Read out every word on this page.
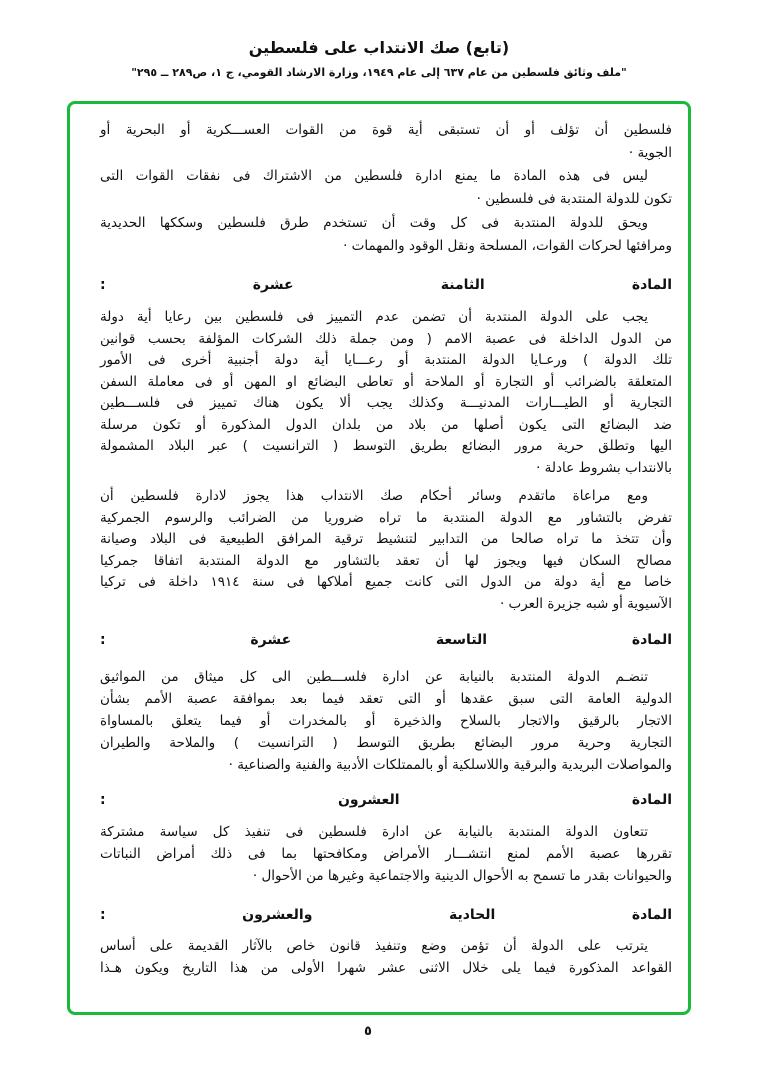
(تابع) صك الانتداب على فلسطين
"ملف وثائق فلسطين من عام ٦٣٧ إلى عام ١٩٤٩، وزارة الارشاد القومي، ج ١، ص٢٨٩ ــ ٢٩٥"
فلسطين أن تؤلف أو أن تستبقى أية قوة من القوات العســـكرية أو البحرية أو
الجوية ·
ليس فى هذه المادة ما يمنع ادارة فلسطين من الاشتراك فى نفقات القوات التى
تكون للدولة المنتدبة فى فلسطين ·
ويحق للدولة المنتدبة فى كل وقت أن تستخدم طرق فلسطين وسككها الحديدية
ومرافئها لحركات القوات، المسلحة ونقل الوقود والمهمات ·
المادة الثامنة عشرة :
يجب على الدولة المنتدبة أن تضمن عدم التمييز فى فلسطين بين رعايا أية دولة
من الدول الداخلة فى عصبة الامم ( ومن جملة ذلك الشركات المؤلفة بحسب قوانين
تلك الدولة ) ورعـايا الدولة المنتدبة أو رعـــايا أية دولة أجنبية أخرى فى الأمور
المتعلقة بالضرائب أو التجارة أو الملاحة أو تعاطى البضائع او المهن أو فى معاملة السفن
التجارية أو الطيـــارات المدنيـــة وكذلك يجب ألا يكون هناك تمييز فى فلســـطين
ضد البضائع التى يكون أصلها من بلاد من بلدان الدول المذكورة أو تكون مرسلة
اليها وتطلق حرية مرور البضائع بطريق التوسط ( الترانسيت ) عبر البلاد المشمولة
بالانتداب بشروط عادلة ·
ومع مراعاة ماتقدم وسائر أحكام صك الانتداب هذا يجوز لادارة فلسطين أن
تفرض بالتشاور مع الدولة المنتدبة ما تراه ضروريا من الضرائب والرسوم الجمركية
وأن تتخذ ما تراه صالحا من التدابير لتنشيط ترقية المرافق الطبيعية فى البلاد وصيانة
مصالح السكان فيها ويجوز لها أن تعقد بالتشاور مع الدولة المنتدبة اتفاقا جمركيا
خاصا مع أية دولة من الدول التى كانت جميع أملاكها فى سنة ١٩١٤ داخلة فى تركيا
الآسيوية أو شبه جزيرة العرب ·
المادة التاسعة عشرة :
تنضـم الدولة المنتدبة بالنيابة عن ادارة فلســـطين الى كل ميثاق من المواثيق
الدولية العامة التى سبق عقدها أو التى تعقد فيما بعد بموافقة عصبة الأمم بشأن
الاتجار بالرقيق والاتجار بالسلاح والذخيرة أو بالمخدرات أو فيما يتعلق بالمساواة
التجارية وحرية مرور البضائع بطريق التوسط ( الترانسيت ) والملاحة والطيران
والمواصلات البريدية والبرقية واللاسلكية أو بالممتلكات الأدبية والفنية والصناعية ·
المادة العشرون :
تتعاون الدولة المنتدبة بالنيابة عن ادارة فلسطين فى تنفيذ كل سياسة مشتركة
تقررها عصبة الأمم لمنع انتشـــار الأمراض ومكافحتها بما فى ذلك أمراض النباتات
والحيوانات بقدر ما تسمح به الأحوال الدينية والاجتماعية وغيرها من الأحوال ·
المادة الحادية والعشرون :
يترتب على الدولة أن تؤمن وضع وتنفيذ قانون خاص بالآثار القديمة على أساس
القواعد المذكورة فيما يلى خلال الاثنى عشر شهرا الأولى من هذا التاريخ ويكون هـذا
٥
